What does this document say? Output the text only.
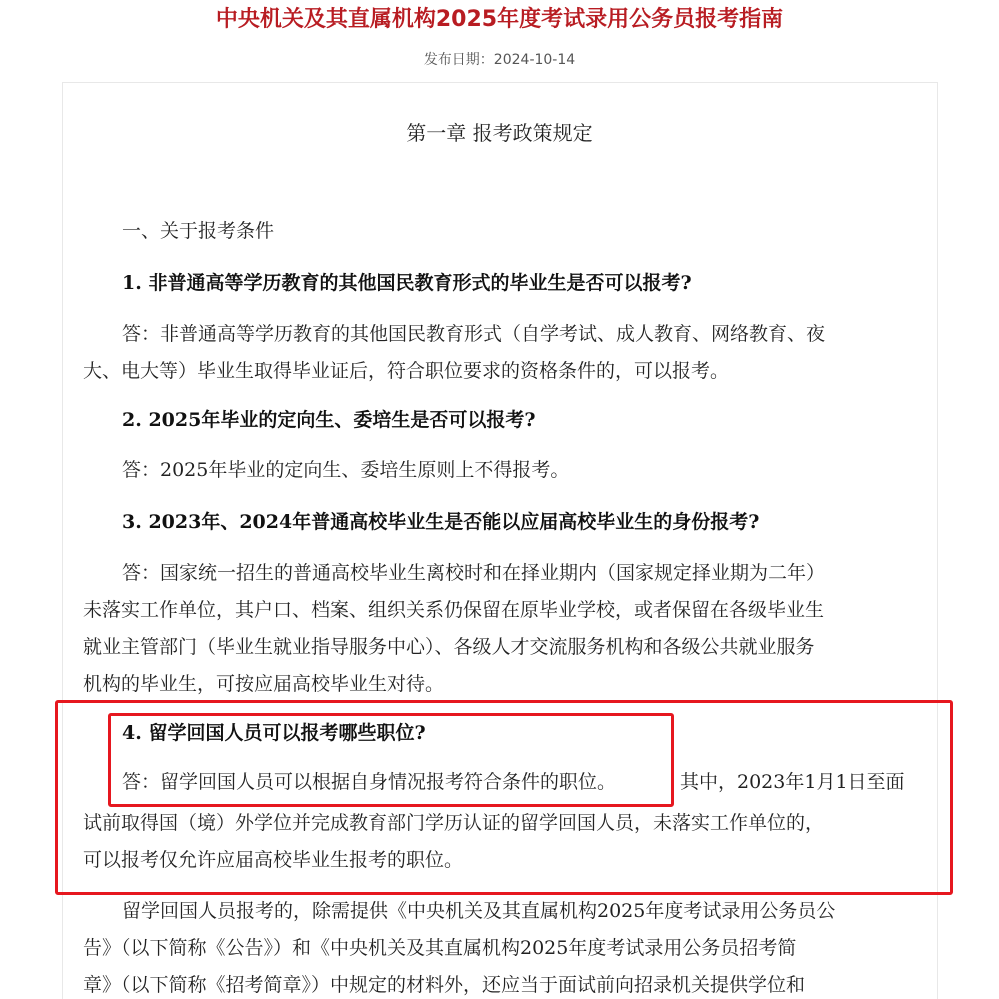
中央机关及其直属机构2025年度考试录用公务员报考指南
发布日期：2024-10-14
第一章 报考政策规定
一、关于报考条件
1. 非普通高等学历教育的其他国民教育形式的毕业生是否可以报考?
答：非普通高等学历教育的其他国民教育形式（自学考试、成人教育、网络教育、夜
大、电大等）毕业生取得毕业证后，符合职位要求的资格条件的，可以报考。
2. 2025年毕业的定向生、委培生是否可以报考?
答：2025年毕业的定向生、委培生原则上不得报考。
3. 2023年、2024年普通高校毕业生是否能以应届高校毕业生的身份报考?
答：国家统一招生的普通高校毕业生离校时和在择业期内（国家规定择业期为二年）
未落实工作单位，其户口、档案、组织关系仍保留在原毕业学校，或者保留在各级毕业生
就业主管部门（毕业生就业指导服务中心）、各级人才交流服务机构和各级公共就业服务
机构的毕业生，可按应届高校毕业生对待。
4. 留学回国人员可以报考哪些职位?
答：留学回国人员可以根据自身情况报考符合条件的职位。	其中，2023年1月1日至面
试前取得国（境）外学位并完成教育部门学历认证的留学回国人员，未落实工作单位的，
可以报考仅允许应届高校毕业生报考的职位。
留学回国人员报考的，除需提供《中央机关及其直属机构2025年度考试录用公务员公
告》（以下简称《公告》）和《中央机关及其直属机构2025年度考试录用公务员招考简
章》（以下简称《招考简章》）中规定的材料外，还应当于面试前向招录机关提供学位和
